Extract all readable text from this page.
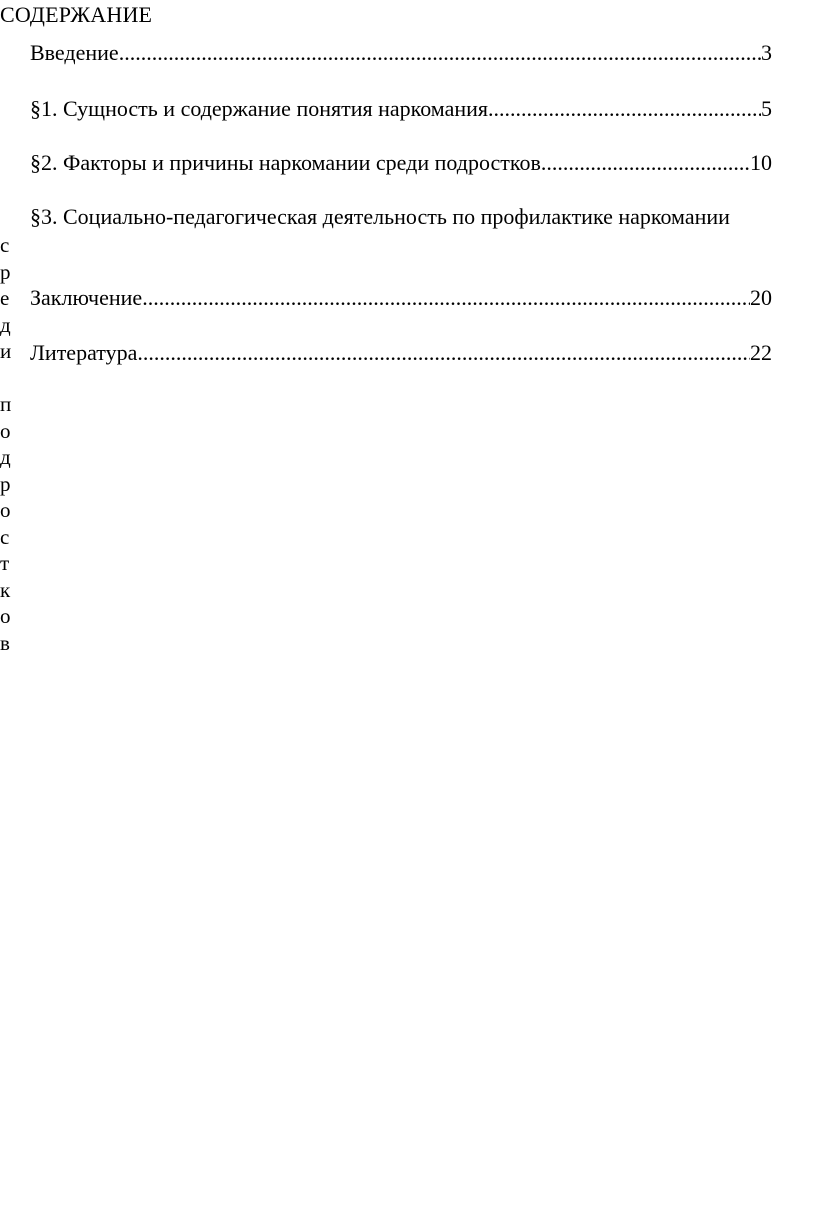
СОДЕРЖАНИЕ
Введение .....	3
§1. Сущность и содержание понятия наркомания .....	5
§2. Факторы и причины наркомании среди подростков .....	10
§3. Социально-педагогическая деятельность по профилактике наркомании
Заключение .....	20
Литература .....	22
с
р
е
д
и
п
о
д
р
о
с
т
к
о
в
